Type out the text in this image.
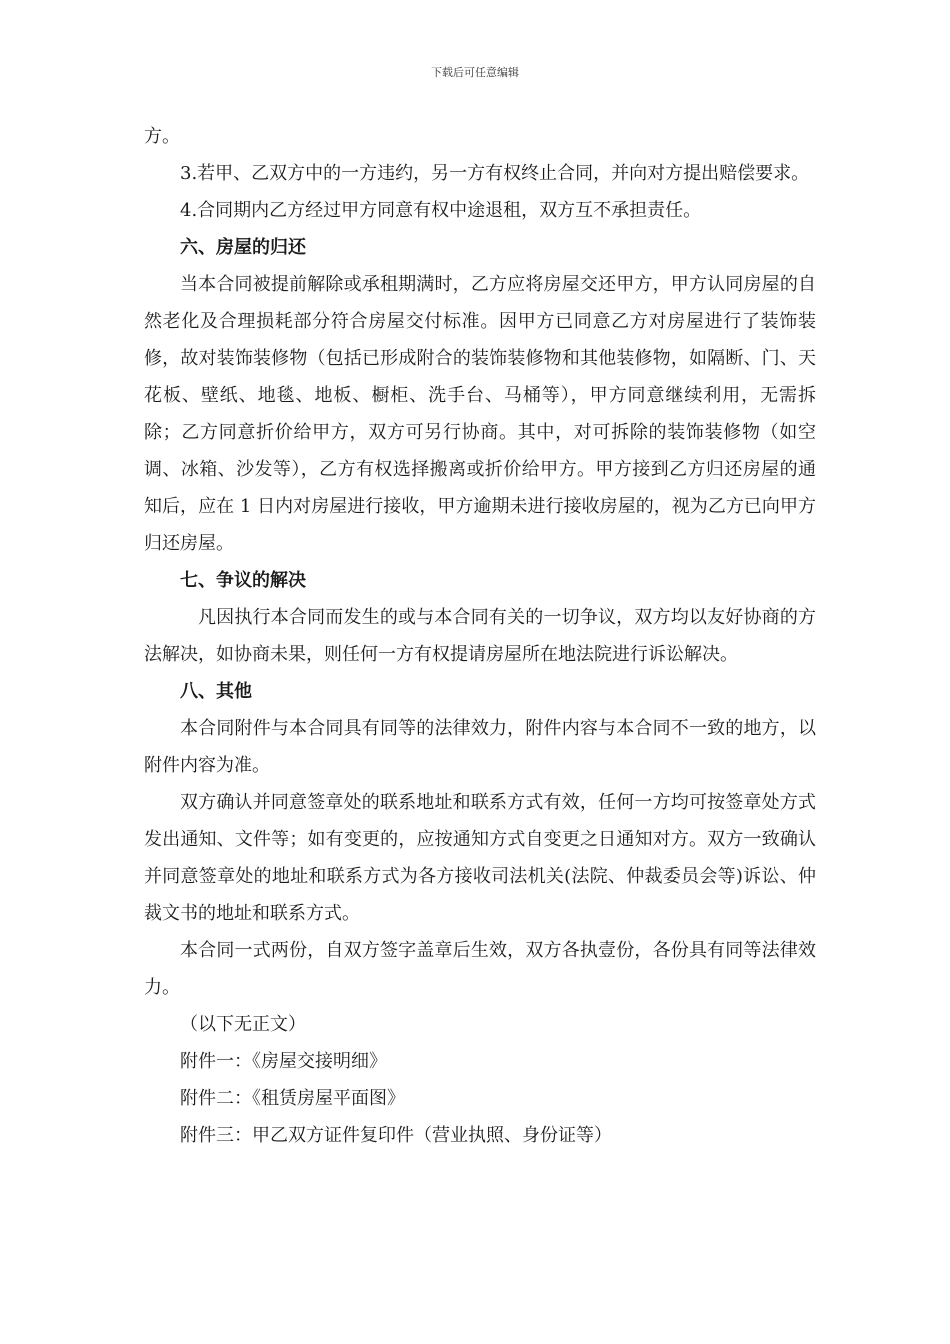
下载后可任意编辑

方。

3.若甲、乙双方中的一方违约，另一方有权终止合同，并向对方提出赔偿要求。

4.合同期内乙方经过甲方同意有权中途退租，双方互不承担责任。

六、房屋的归还

当本合同被提前解除或承租期满时，乙方应将房屋交还甲方，甲方认同房屋的自然老化及合理损耗部分符合房屋交付标准。因甲方已同意乙方对房屋进行了装饰装修，故对装饰装修物（包括已形成附合的装饰装修物和其他装修物，如隔断、门、天花板、壁纸、地毯、地板、橱柜、洗手台、马桶等），甲方同意继续利用，无需拆除；乙方同意折价给甲方，双方可另行协商。其中，对可拆除的装饰装修物（如空调、冰箱、沙发等），乙方有权选择搬离或折价给甲方。甲方接到乙方归还房屋的通知后，应在 1 日内对房屋进行接收，甲方逾期未进行接收房屋的，视为乙方已向甲方归还房屋。

七、争议的解决

凡因执行本合同而发生的或与本合同有关的一切争议，双方均以友好协商的方法解决，如协商未果，则任何一方有权提请房屋所在地法院进行诉讼解决。

八、其他

本合同附件与本合同具有同等的法律效力，附件内容与本合同不一致的地方，以附件内容为准。

双方确认并同意签章处的联系地址和联系方式有效，任何一方均可按签章处方式发出通知、文件等；如有变更的，应按通知方式自变更之日通知对方。双方一致确认并同意签章处的地址和联系方式为各方接收司法机关(法院、仲裁委员会等)诉讼、仲裁文书的地址和联系方式。

本合同一式两份，自双方签字盖章后生效，双方各执壹份，各份具有同等法律效力。

（以下无正文）

附件一：《房屋交接明细》

附件二：《租赁房屋平面图》

附件三：甲乙双方证件复印件（营业执照、身份证等）
